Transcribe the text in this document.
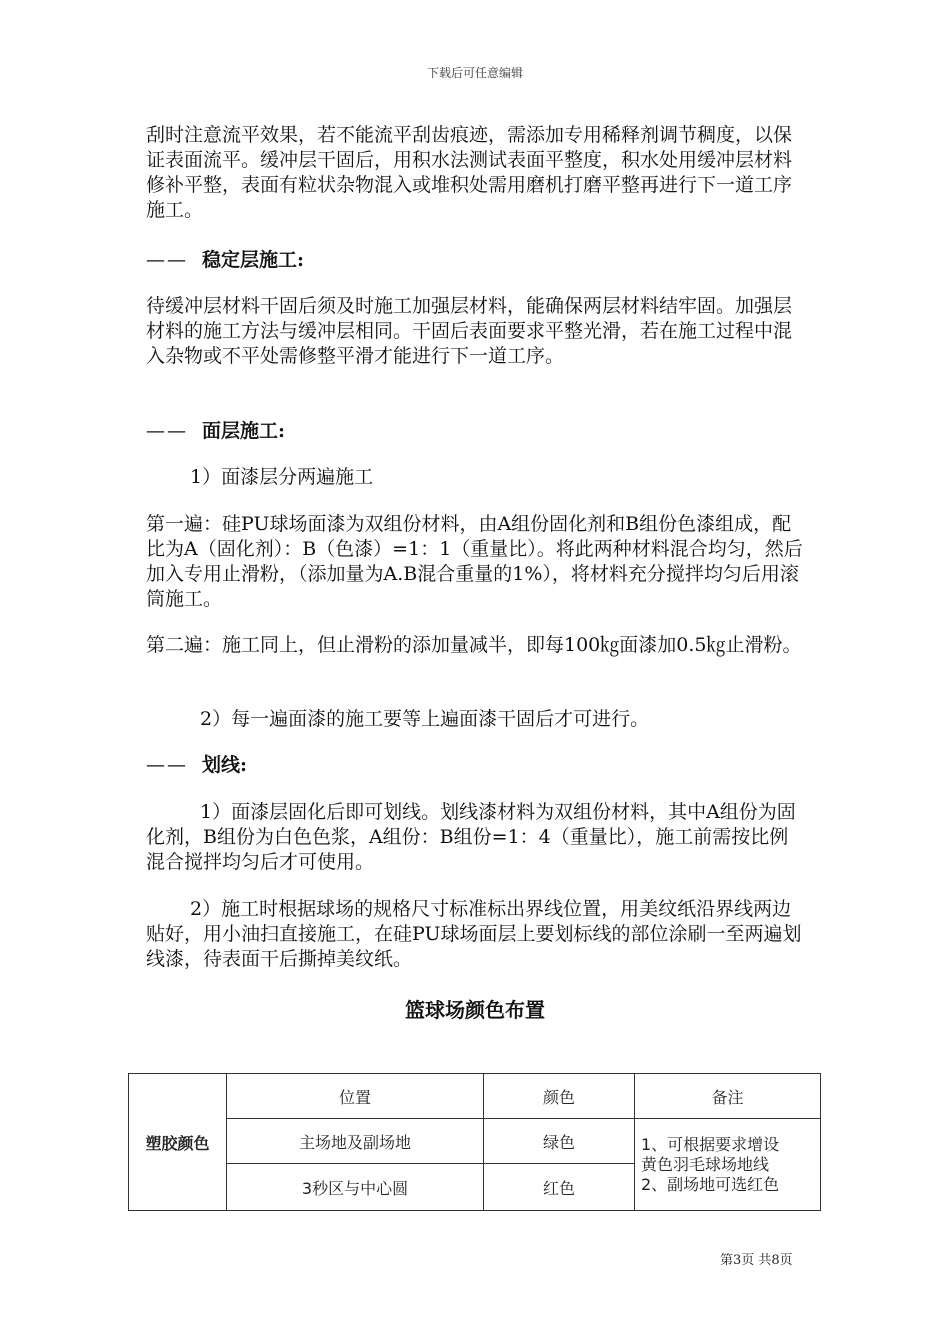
下载后可任意编辑

刮时注意流平效果，若不能流平刮齿痕迹，需添加专用稀释剂调节稠度，以保证表面流平。缓冲层干固后，用积水法测试表面平整度，积水处用缓冲层材料修补平整，表面有粒状杂物混入或堆积处需用磨机打磨平整再进行下一道工序施工。

—— 稳定层施工:

待缓冲层材料干固后须及时施工加强层材料，能确保两层材料结牢固。加强层材料的施工方法与缓冲层相同。干固后表面要求平整光滑，若在施工过程中混入杂物或不平处需修整平滑才能进行下一道工序。

—— 面层施工:

1）面漆层分两遍施工

第一遍：硅PU球场面漆为双组份材料，由A组份固化剂和B组份色漆组成，配比为A（固化剂）：B（色漆）=1：1（重量比）。将此两种材料混合均匀，然后加入专用止滑粉，（添加量为A.B混合重量的1%），将材料充分搅拌均匀后用滚筒施工。

第二遍：施工同上，但止滑粉的添加量减半，即每100㎏面漆加0.5㎏止滑粉。

2）每一遍面漆的施工要等上遍面漆干固后才可进行。

—— 划线:

1）面漆层固化后即可划线。划线漆材料为双组份材料，其中A组份为固化剂，B组份为白色色浆，A组份：B组份=1：4（重量比），施工前需按比例混合搅拌均匀后才可使用。

2）施工时根据球场的规格尺寸标准标出界线位置，用美纹纸沿界线两边贴好，用小油扫直接施工，在硅PU球场面层上要划标线的部位涂刷一至两遍划线漆，待表面干后撕掉美纹纸。

篮球场颜色布置
塑胶颜色	位置	颜色	备注
	主场地及副场地	绿色	1、可根据要求增设
黄色羽毛球场地线
2、副场地可选红色

	3秒区与中心圆	红色	
第3页 共8页
